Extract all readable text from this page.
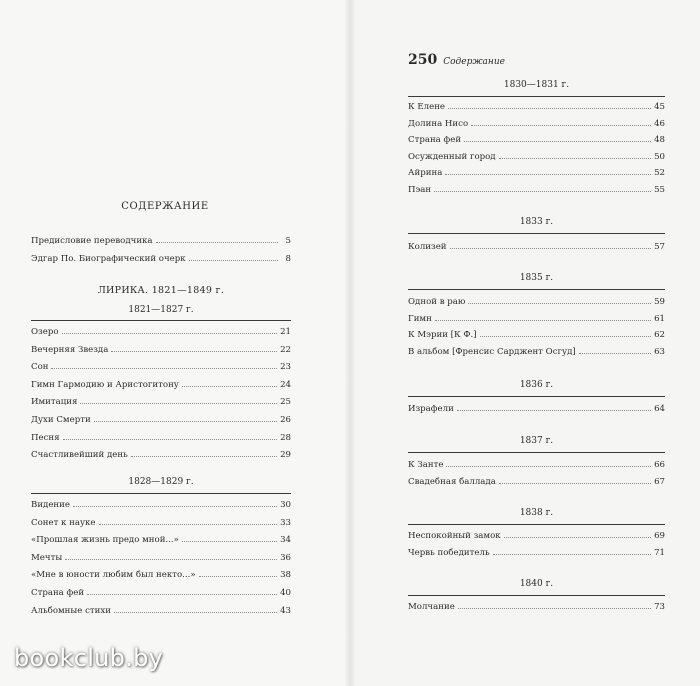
СОДЕРЖАНИЕ
Предисловие переводчика	5
Эдгар По. Биографический очерк	8
ЛИРИКА. 1821—1849 г.
1821—1827 г.
Озеро	21
Вечерняя Звезда	22
Сон	23
Гимн Гармодию и Аристогитону	24
Имитация	25
Духи Смерти	26
Песня	28
Счастливейший день	29
1828—1829 г.
Видение	30
Сонет к науке	33
«Прошлая жизнь предо мной...»	34
Мечты	36
«Мне в юности любим был некто...»	38
Страна фей	40
Альбомные стихи	43
250 Содержание
1830—1831 г.
К Елене	45
Долина Нисо	46
Страна фей	48
Осужденный город	50
Айрина	52
Пэан	55
1833 г.
Колизей	57
1835 г.
Одной в раю	59
Гимн	61
К Мэрии [К Ф.]	62
В альбом [Френсис Сарджент Осгуд]	63
1836 г.
Израфели	64
1837 г.
К Занте	66
Свадебная баллада	67
1838 г.
Неспокойный замок	69
Червь победитель	71
1840 г.
Молчание	73
bookclub.by
